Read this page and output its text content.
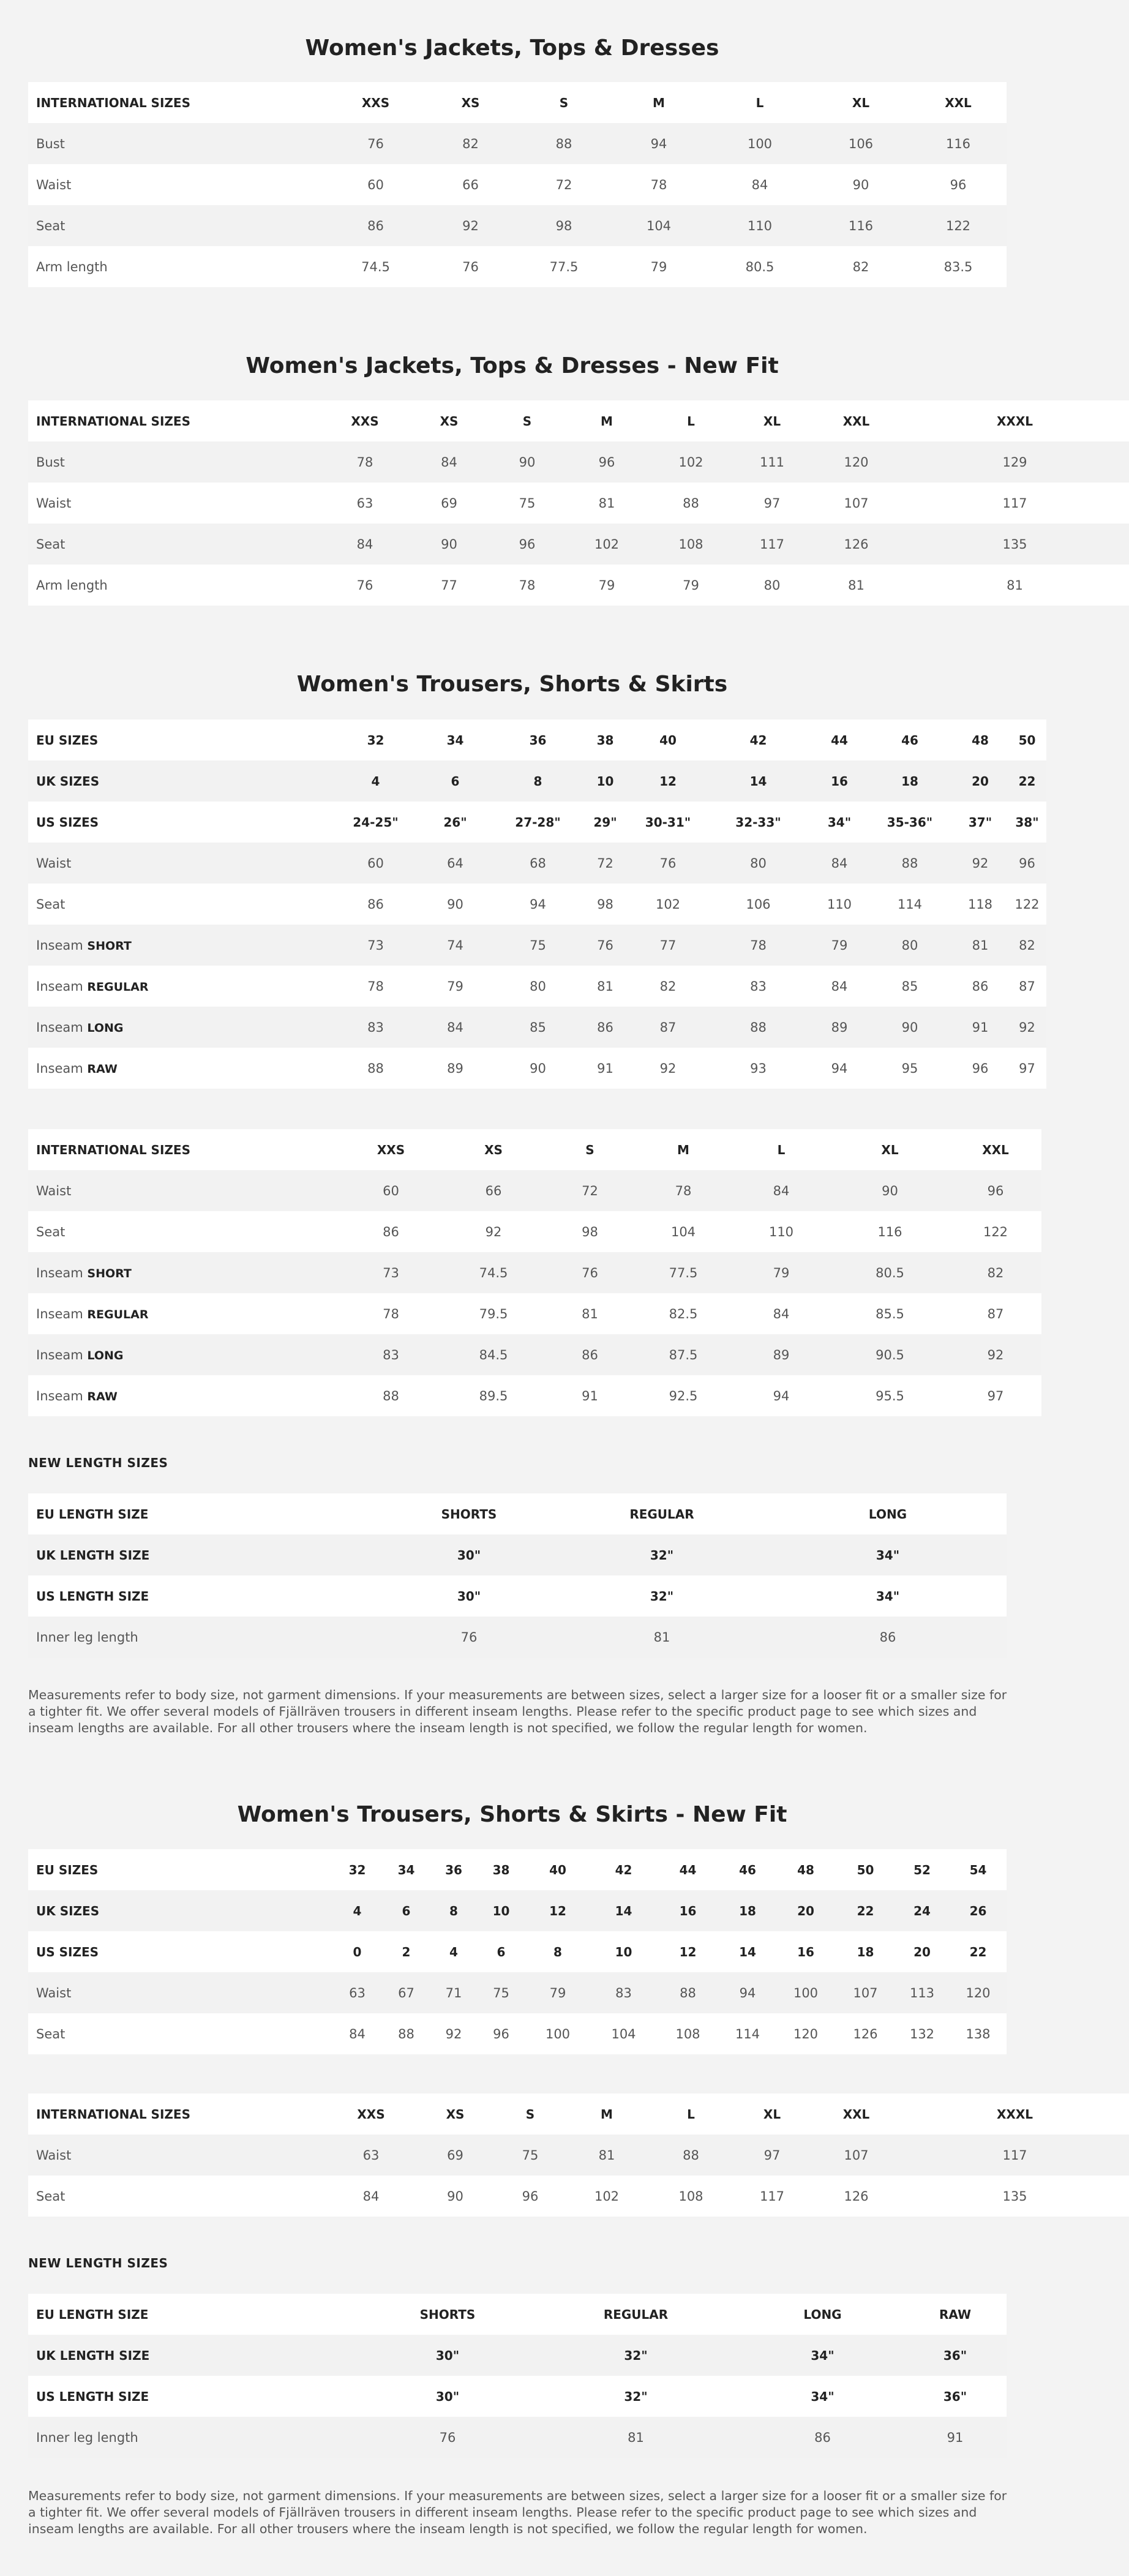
Women's Jackets, Tops & Dresses
INTERNATIONAL SIZES	XXS	XS	S	M	L	XL	XXL
Bust	76	82	88	94	100	106	116
Waist	60	66	72	78	84	90	96
Seat	86	92	98	104	110	116	122
Arm length	74.5	76	77.5	79	80.5	82	83.5
Women's Jackets, Tops & Dresses - New Fit
INTERNATIONAL SIZES	XXS	XS	S	M	L	XL	XXL	XXXL
Bust	78	84	90	96	102	111	120	129
Waist	63	69	75	81	88	97	107	117
Seat	84	90	96	102	108	117	126	135
Arm length	76	77	78	79	79	80	81	81
Women's Trousers, Shorts & Skirts
EU SIZES	32	34	36	38	40	42	44	46	48	50
UK SIZES	4	6	8	10	12	14	16	18	20	22
US SIZES	24-25"	26"	27-28"	29"	30-31"	32-33"	34"	35-36"	37"	38"
Waist	60	64	68	72	76	80	84	88	92	96
Seat	86	90	94	98	102	106	110	114	118	122
Inseam SHORT	73	74	75	76	77	78	79	80	81	82
Inseam REGULAR	78	79	80	81	82	83	84	85	86	87
Inseam LONG	83	84	85	86	87	88	89	90	91	92
Inseam RAW	88	89	90	91	92	93	94	95	96	97
INTERNATIONAL SIZES	XXS	XS	S	M	L	XL	XXL
Waist	60	66	72	78	84	90	96
Seat	86	92	98	104	110	116	122
Inseam SHORT	73	74.5	76	77.5	79	80.5	82
Inseam REGULAR	78	79.5	81	82.5	84	85.5	87
Inseam LONG	83	84.5	86	87.5	89	90.5	92
Inseam RAW	88	89.5	91	92.5	94	95.5	97
NEW LENGTH SIZES
EU LENGTH SIZE	SHORTS	REGULAR	LONG
UK LENGTH SIZE	30"	32"	34"
US LENGTH SIZE	30"	32"	34"
Inner leg length	76	81	86

Measurements refer to body size, not garment dimensions. If your measurements are between sizes, select a larger size for a looser fit or a smaller size for a tighter fit. We offer several models of Fjällräven trousers in different inseam lengths. Please refer to the specific product page to see which sizes and inseam lengths are available. For all other trousers where the inseam length is not specified, we follow the regular length for women.

Women's Trousers, Shorts & Skirts - New Fit
EU SIZES	32	34	36	38	40	42	44	46	48	50	52	54
UK SIZES	4	6	8	10	12	14	16	18	20	22	24	26
US SIZES	0	2	4	6	8	10	12	14	16	18	20	22
Waist	63	67	71	75	79	83	88	94	100	107	113	120
Seat	84	88	92	96	100	104	108	114	120	126	132	138
INTERNATIONAL SIZES	XXS	XS	S	M	L	XL	XXL	XXXL
Waist	63	69	75	81	88	97	107	117
Seat	84	90	96	102	108	117	126	135
NEW LENGTH SIZES
EU LENGTH SIZE	SHORTS	REGULAR	LONG	RAW
UK LENGTH SIZE	30"	32"	34"	36"
US LENGTH SIZE	30"	32"	34"	36"
Inner leg length	76	81	86	91

Measurements refer to body size, not garment dimensions. If your measurements are between sizes, select a larger size for a looser fit or a smaller size for a tighter fit. We offer several models of Fjällräven trousers in different inseam lengths. Please refer to the specific product page to see which sizes and inseam lengths are available. For all other trousers where the inseam length is not specified, we follow the regular length for women.
